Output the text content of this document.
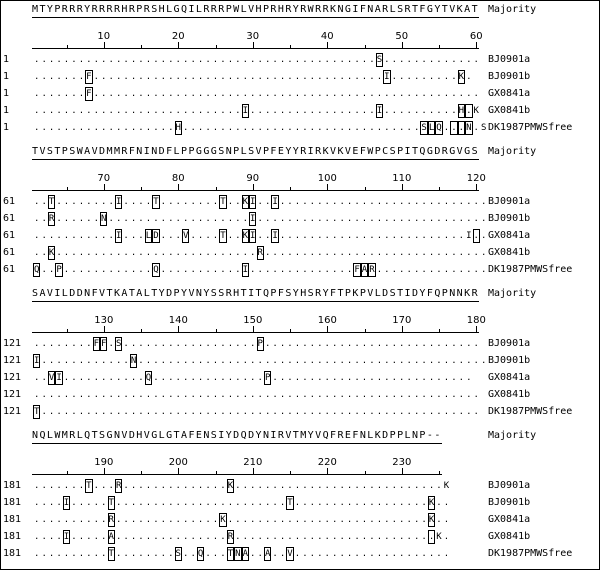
MTYPRRRYRRRRHRPRSHLGQILRRRPWLVHPRHRYRWRRKNGIFNARLSRTFGYTVKAT Majority
10	20	30	40	50	60
1	. . . . . . . . . . . . . . . . . . . . . . . . . . . . . . . . . . . . . . . . . . . . . . S . . . . . . . . . . . . . BJ0901a
1	. . . . . . . F . . . . . . . . . . . . . . . . . . . . . . . . . . . . . . . . . . . . . . . I . . . . . . . . . K . BJ0901b
1	. . . . . . . F . . . . . . . . . . . . . . . . . . . . . . . . . . . . . . . . . . . . . . . . . . . . . . . . . . . . GX0841a
1	. . . . . . . . . . . . . . . . . . . . . . . . . . . . I . . . . . . . . . . . . . . . . . I . . . . . . . . . . H . K GX0841b
1	. . . . . . . . . . . . . . . . . . . H . . . . . . . . . . . . . . . . . . . . . . . . . . . . . . . . S L Q . . . N . S DK1987PMWSfree
TVSTPSWAVDMMRFNINDFLPPGGGSNPLSVPFEYYRIRKVKVEFWPCSPITQGDRGVGS Majority
70	80	90	100	110	120
61 . . T . . . . . . . . I . . . . T . . . . . . . . T . . K I . . I . . . . . . . . . . . . . . . . . . . . . . . . . . . . BJ0901a
61 . . R . . . . . . N . . . . . . . . . . . . . . . . . . . I . . . . . . . . . . . . . . . . . . . . . . . . . . . . . . . BJ0901b
61 . . . . . . . . . . . I . . . L D . . . V . . . . T . . K I . . I . . . . . . . . . . . . . . . . . . . . . . . . . I . . GX0841a
61 . . K . . . . . . . . . . . . . . . . . . . . . . . . . . . R . . . . . . . . . . . . . . . . . . . . . . . . . . . . . . GX0841b
61 Q . . P . . . . . . . . . . . . Q . . . . . . . . . . . I . . . . . . . . . . . . . . F A R . . . . . . . . . . . . . . . DK1987PMWSfree
SAVILDDNFVTKATALTYDPYVNYSSRHTITQPFSYHSRYFTPKPVLDSTIDYFQPNNKR Majority
130	140	150	160	170	180
121 . . . . . . . . F F . S . . . . . . . . . . . . . . . . . . P . . . . . . . . . . . . . . . . . . . . . . . . . . . . . BJ0901a
121 I . . . . . . . . . . . . N . . . . . . . . . . . . . . . . . . . . . . . . . . . . . . . . . . . . . . . . . . . . . . . BJ0901b
121 . . V I . . . . . . . . . . . Q . . . . . . . . . . . . . . . P . . . . . . . . . . . . . . . . . . . . . . . . . . . GX0841a
121 . . . . . . . . . . . . . . . . . . . . . . . . . . . . . . . . . . . . . . . . . . . . . . . . . . . . . . . . . . . . GX0841b
121 T . . . . . . . . . . . . . . . . . . . . . . . . . . . . . . . . . . . . . . . . . . . . . . . . . . . . . . . . . . . DK1987PMWSfree
NQLWMRLQTSGNVDHVGLGTAFENSIYDQDYNIRVTMYVQFREFNLKDPPLNP--	Majority
190	200	210	220	230
181 . . . . . . . T . . . R . . . . . . . . . . . . . . K . . . . . . . . . . . . . . . . . . . . . . . . . . . . K	BJ0901a
181 . . . . I . . . . . T . . . . . . . . . . . . . . . . . . . . . . . T . . . . . . . . . . . . . . . . . . K . .	BJ0901b
181 . . . . . . . . . . R . . . . . . . . . . . . . . K . . . . . . . . . . . . . . . . . . . . . . . . . . . K . .	GX0841a
181 . . . . I . . . . . A . . . . . . . . . . . . . . . R . . . . . . . . . . . . . . . . . . . . . . . . . . . K .	GX0841b
181 . . . . . . . . . . T . . . . . . . . S . . Q . . . T N A . . A . . V . . . . . . . . . . . . . . . . . . . . .	DK1987PMWSfree
